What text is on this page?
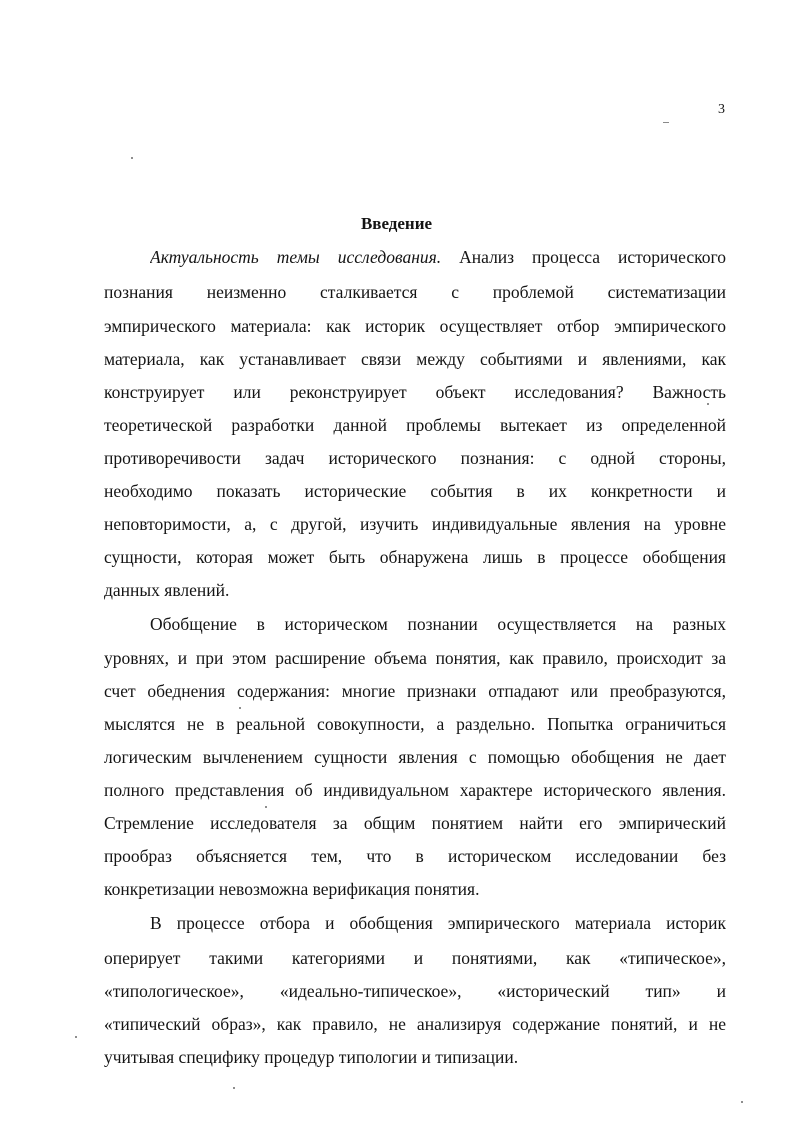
3
Введение
Актуальность темы исследования. Анализ процесса исторического
познания неизменно сталкивается с проблемой систематизации
эмпирического материала: как историк осуществляет отбор эмпирического
материала, как устанавливает связи между событиями и явлениями, как
конструирует или реконструирует объект исследования? Важность
теоретической разработки данной проблемы вытекает из определенной
противоречивости задач исторического познания: с одной стороны,
необходимо показать исторические события в их конкретности и
неповторимости, а, с другой, изучить индивидуальные явления на уровне
сущности, которая может быть обнаружена лишь в процессе обобщения
данных явлений.
Обобщение в историческом познании осуществляется на разных
уровнях, и при этом расширение объема понятия, как правило, происходит за
счет обеднения содержания: многие признаки отпадают или преобразуются,
мыслятся не в реальной совокупности, а раздельно. Попытка ограничиться
логическим вычленением сущности явления с помощью обобщения не дает
полного представления об индивидуальном характере исторического явления.
Стремление исследователя за общим понятием найти его эмпирический
прообраз объясняется тем, что в историческом исследовании без
конкретизации невозможна верификация понятия.
В процессе отбора и обобщения эмпирического материала историк
оперирует такими категориями и понятиями, как «типическое»,
«типологическое», «идеально-типическое», «исторический тип» и
«типический образ», как правило, не анализируя содержание понятий, и не
учитывая специфику процедур типологии и типизации.
